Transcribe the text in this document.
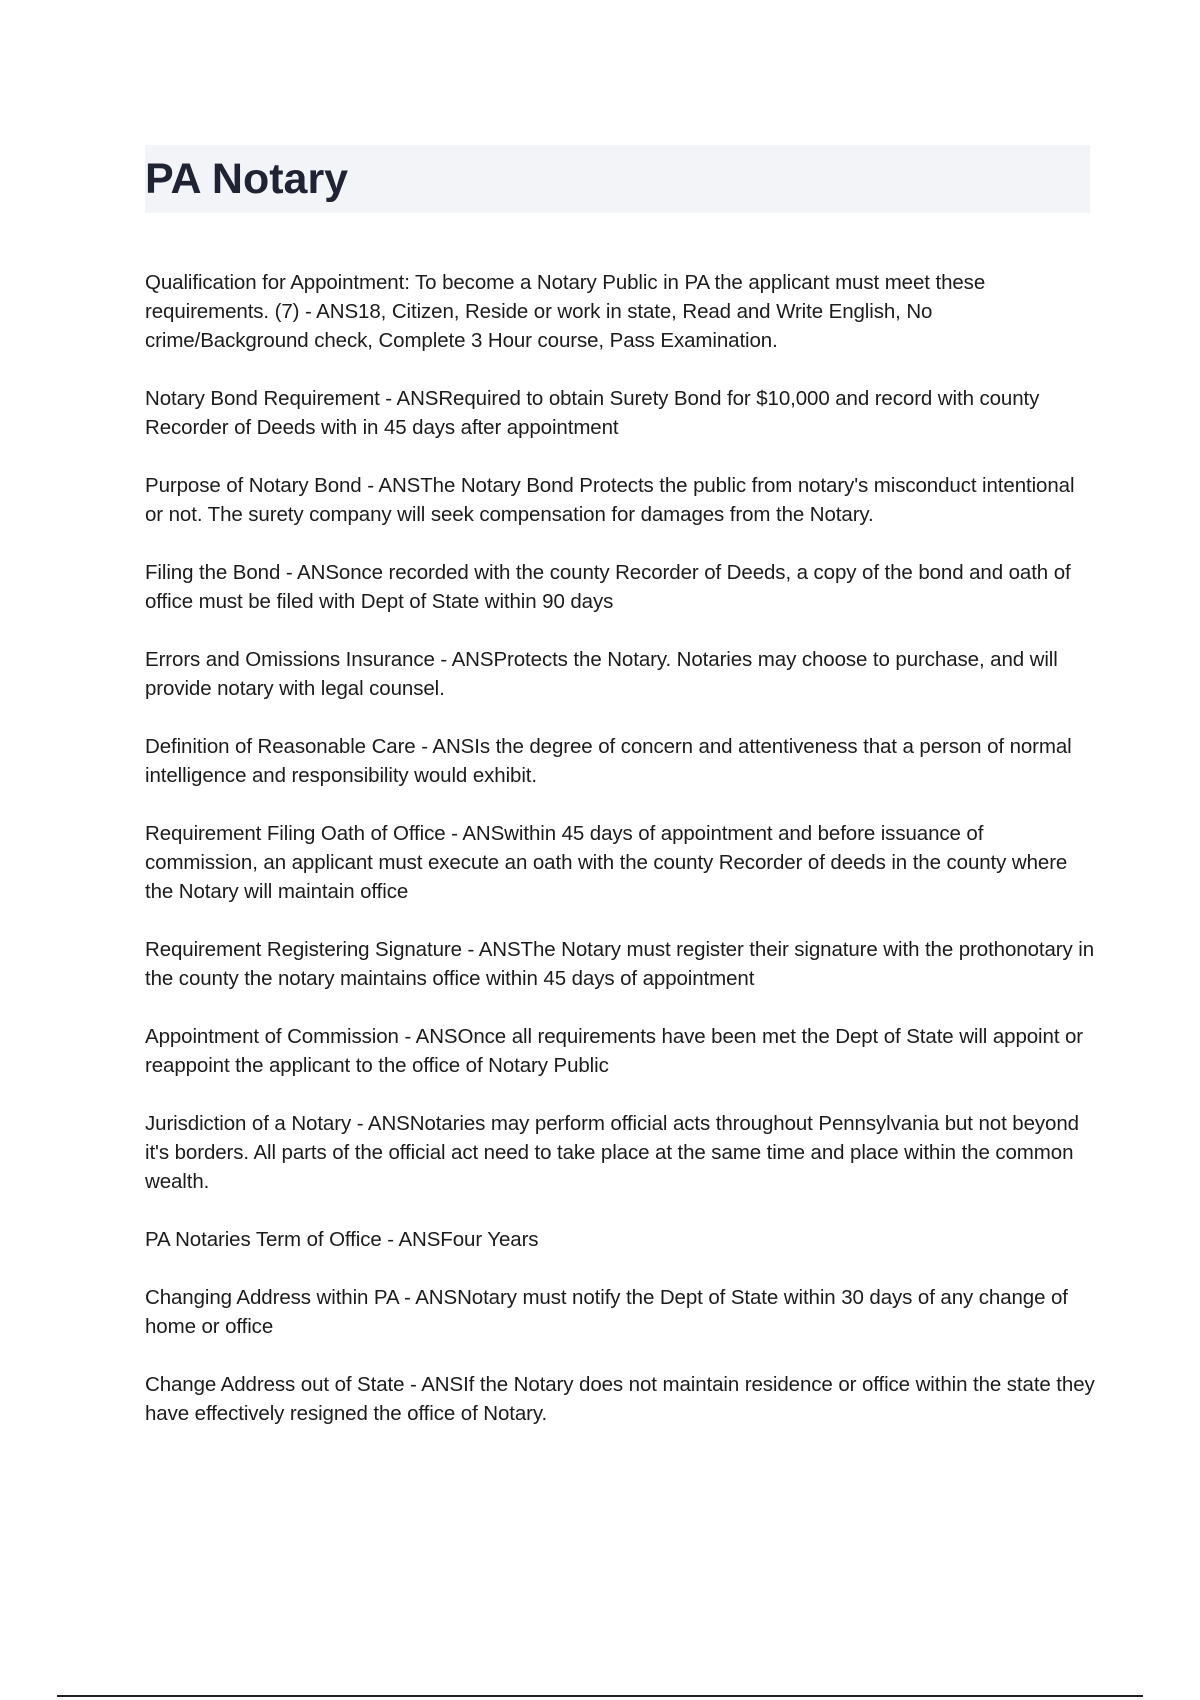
PA Notary

Qualification for Appointment: To become a Notary Public in PA the applicant must meet these requirements. (7) - ANS18, Citizen, Reside or work in state, Read and Write English, No crime/Background check, Complete 3 Hour course, Pass Examination.

Notary Bond Requirement - ANSRequired to obtain Surety Bond for $10,000 and record with county Recorder of Deeds with in 45 days after appointment

Purpose of Notary Bond - ANSThe Notary Bond Protects the public from notary's misconduct intentional or not. The surety company will seek compensation for damages from the Notary.

Filing the Bond - ANSonce recorded with the county Recorder of Deeds, a copy of the bond and oath of office must be filed with Dept of State within 90 days

Errors and Omissions Insurance - ANSProtects the Notary. Notaries may choose to purchase, and will provide notary with legal counsel.

Definition of Reasonable Care - ANSIs the degree of concern and attentiveness that a person of normal intelligence and responsibility would exhibit.

Requirement Filing Oath of Office - ANSwithin 45 days of appointment and before issuance of commission, an applicant must execute an oath with the county Recorder of deeds in the county where the Notary will maintain office

Requirement Registering Signature - ANSThe Notary must register their signature with the prothonotary in the county the notary maintains office within 45 days of appointment

Appointment of Commission - ANSOnce all requirements have been met the Dept of State will appoint or reappoint the applicant to the office of Notary Public

Jurisdiction of a Notary - ANSNotaries may perform official acts throughout Pennsylvania but not beyond it's borders. All parts of the official act need to take place at the same time and place within the common wealth.

PA Notaries Term of Office - ANSFour Years

Changing Address within PA - ANSNotary must notify the Dept of State within 30 days of any change of home or office

Change Address out of State - ANSIf the Notary does not maintain residence or office within the state they have effectively resigned the office of Notary.
